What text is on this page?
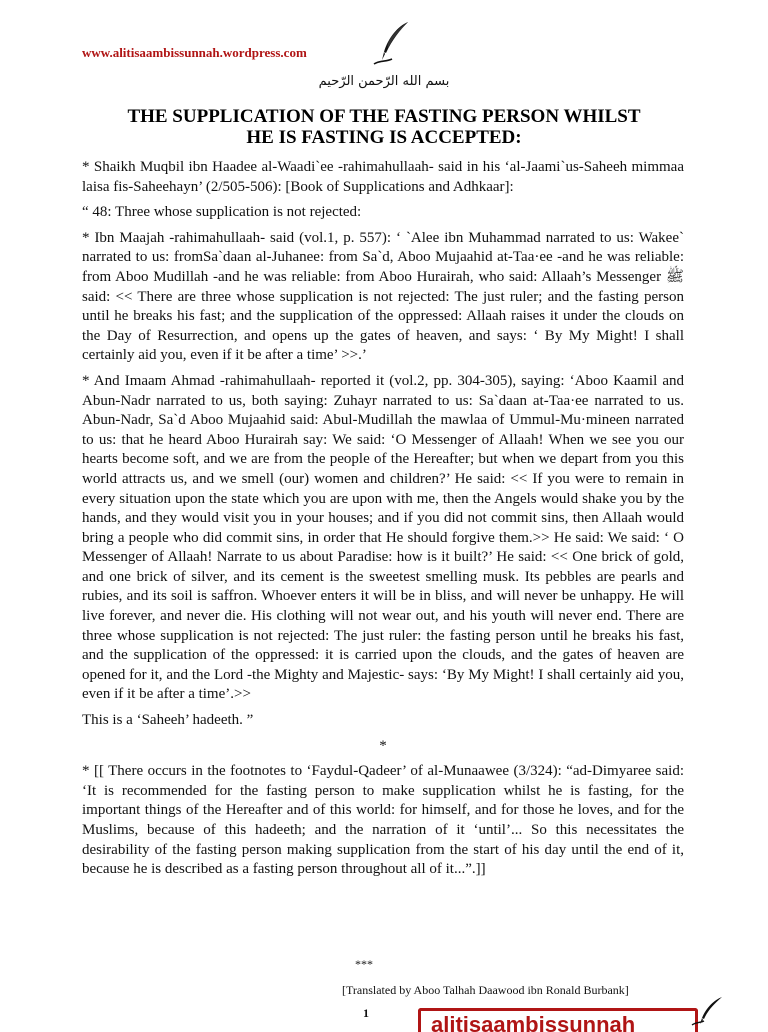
www.alitisaambissunnah.wordpress.com
بسم الله الرّحمن الرّحيم
THE SUPPLICATION OF THE FASTING PERSON WHILST
HE IS FASTING IS ACCEPTED:

* Shaikh Muqbil ibn Haadee al-Waadi`ee -rahimahullaah- said in his ‘al-Jaami`us-Saheeh mimmaa laisa fis-Saheehayn’ (2/505-506): [Book of Supplications and Adhkaar]:

“ 48: Three whose supplication is not rejected:

* Ibn Maajah -rahimahullaah- said (vol.1, p. 557): ‘ `Alee ibn Muhammad narrated to us: Wakee` narrated to us: fromSa`daan al-Juhanee: from Sa`d, Aboo Mujaahid at-Taa·ee -and he was reliable: from Aboo Mudillah -and he was reliable: from Aboo Hurairah, who said: Allaah’s Messenger ﷺ said: << There are three whose supplication is not rejected: The just ruler; and the fasting person until he breaks his fast; and the supplication of the oppressed: Allaah raises it under the clouds on the Day of Resurrection, and opens up the gates of heaven, and says: ‘ By My Might! I shall certainly aid you, even if it be after a time’ >>.’

* And Imaam Ahmad -rahimahullaah- reported it (vol.2, pp. 304-305), saying: ‘Aboo Kaamil and Abun-Nadr narrated to us, both saying: Zuhayr narrated to us: Sa`daan at-Taa·ee narrated to us. Abun-Nadr, Sa`d Aboo Mujaahid said: Abul-Mudillah the mawlaa of Ummul-Mu·mineen narrated to us: that he heard Aboo Hurairah say: We said: ‘O Messenger of Allaah! When we see you our hearts become soft, and we are from the people of the Hereafter; but when we depart from you this world attracts us, and we smell (our) women and children?’ He said: << If you were to remain in every situation upon the state which you are upon with me, then the Angels would shake you by the hands, and they would visit you in your houses; and if you did not commit sins, then Allaah would bring a people who did commit sins, in order that He should forgive them.>> He said: We said: ‘ O Messenger of Allaah! Narrate to us about Paradise: how is it built?’ He said: << One brick of gold, and one brick of silver, and its cement is the sweetest smelling musk. Its pebbles are pearls and rubies, and its soil is saffron. Whoever enters it will be in bliss, and will never be unhappy. He will live forever, and never die. His clothing will not wear out, and his youth will never end. There are three whose supplication is not rejected: The just ruler: the fasting person until he breaks his fast, and the supplication of the oppressed: it is carried upon the clouds, and the gates of heaven are opened for it, and the Lord -the Mighty and Majestic- says: ‘By My Might! I shall certainly aid you, even if it be after a time’.>>

This is a ‘Saheeh’ hadeeth. ”

*

* [[ There occurs in the footnotes to ‘Faydul-Qadeer’ of al-Munaawee (3/324): “ad-Dimyaree said: ‘It is recommended for the fasting person to make supplication whilst he is fasting, for the important things of the Hereafter and of this world: for himself, and for those he loves, and for the Muslims, because of this hadeeth; and the narration of it ‘until’... So this necessitates the desirability of the fasting person making supplication from the start of his day until the end of it, because he is described as a fasting person throughout all of it...”.]]

***
[Translated by Aboo Talhah Daawood ibn Ronald Burbank]
1	alitisaambissunnah
